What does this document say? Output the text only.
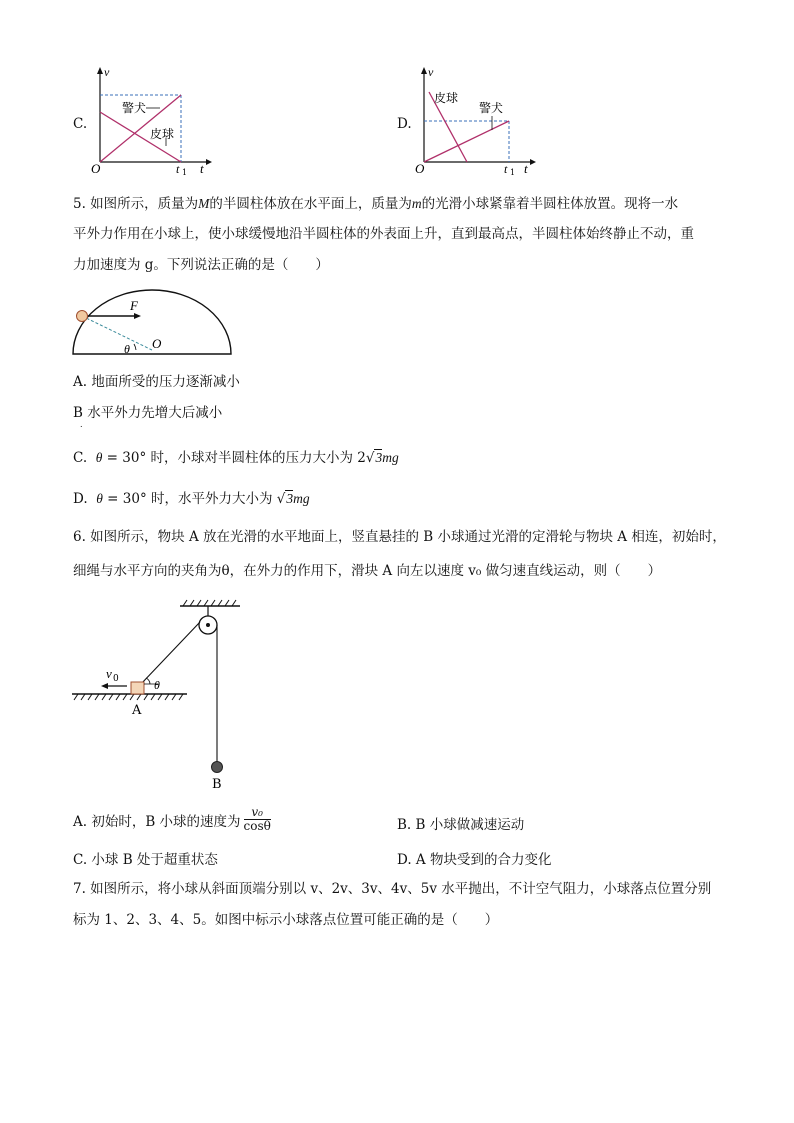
C.
警犬
皮球
v
t
O	t 1
D.
皮球
警犬
v
t
O	t 1
5. 如图所示，质量为M的半圆柱体放在水平面上，质量为m的光滑小球紧靠着半圆柱体放置。现将一水
平外力作用在小球上，使小球缓慢地沿半圆柱体的外表面上升，直到最高点，半圆柱体始终静止不动，重
力加速度为 g。下列说法正确的是（　　）
F
O
θ
A. 地面所受的压力逐渐减小
B 水平外力先增大后减小
.
C. θ = 30° 时，小球对半圆柱体的压力大小为 2√3mg
D. θ = 30° 时，水平外力大小为 √3mg
6. 如图所示，物块 A 放在光滑的水平地面上，竖直悬挂的 B 小球通过光滑的定滑轮与物块 A 相连，初始时，
细绳与水平方向的夹角为θ，在外力的作用下，滑块 A 向左以速度 v₀ 做匀速直线运动，则（　　）
v 0	θ
A
B
A. 初始时，B 小球的速度为 $\frac{\text{v₀}}{\cos\theta}$	B. B 小球做减速运动
C. 小球 B 处于超重状态	D. A 物块受到的合力变化
7. 如图所示，将小球从斜面顶端分别以 v、2v、3v、4v、5v 水平抛出，不计空气阻力，小球落点位置分别
标为 1、2、3、4、5。如图中标示小球落点位置可能正确的是（　　）
